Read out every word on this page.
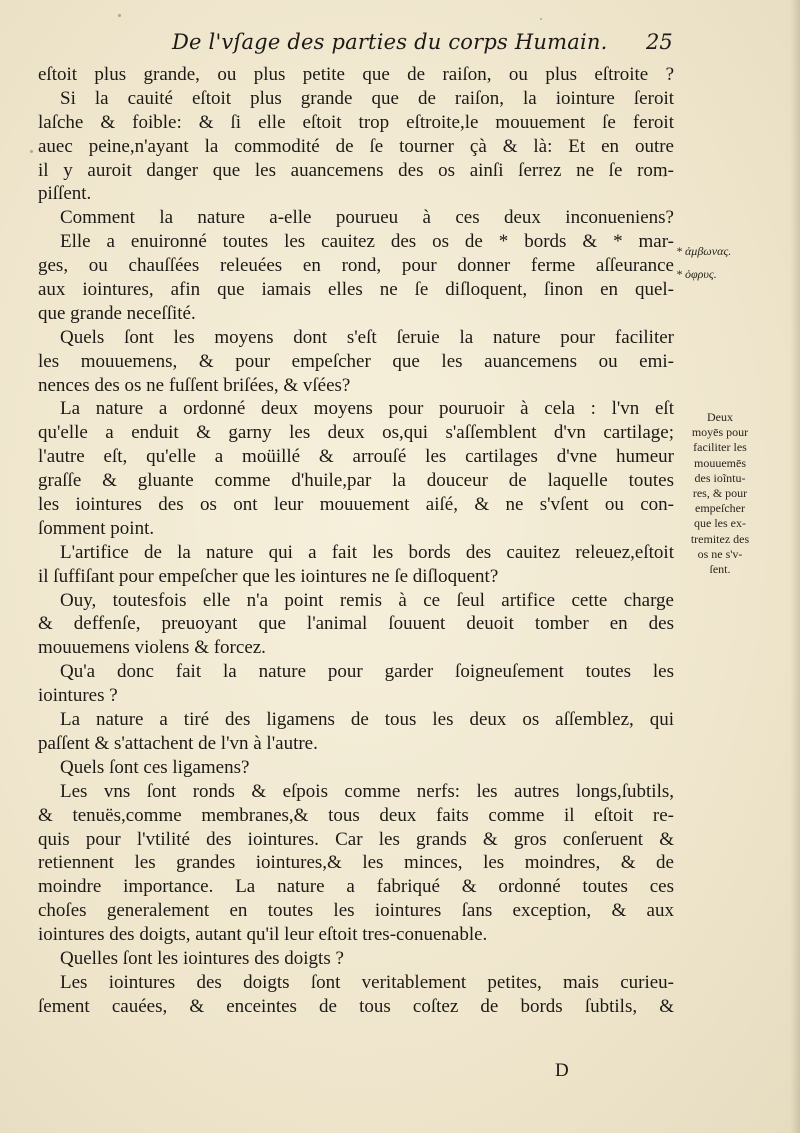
De l'vſage des parties du corps Humain.	25
eſtoit plus grande, ou plus petite que de raiſon, ou plus eſtroite ?
Si la cauité eſtoit plus grande que de raiſon, la iointure ſeroit
laſche & foible: & ſi elle eſtoit trop eſtroite,le mouuement ſe feroit
auec peine,n'ayant la commodité de ſe tourner çà & là: Et en outre
il y auroit danger que les auancemens des os ainſi ſerrez ne ſe rom-
piſſent.
Comment la nature a-elle pourueu à ces deux inconueniens?
Elle a enuironné toutes les cauitez des os de * bords & * mar-
ges, ou chauſſées releuées en rond, pour donner ferme aſſeurance
aux iointures, afin que iamais elles ne ſe diſloquent, ſinon en quel-
que grande neceſſité.
Quels ſont les moyens dont s'eſt ſeruie la nature pour faciliter
les mouuemens, & pour empeſcher que les auancemens ou emi-
nences des os ne fuſſent briſées, & vſées?
La nature a ordonné deux moyens pour pouruoir à cela : l'vn eſt
qu'elle a enduit & garny les deux os,qui s'aſſemblent d'vn cartilage;
l'autre eſt, qu'elle a moüillé & arrouſé les cartilages d'vne humeur
graſſe & gluante comme d'huile,par la douceur de laquelle toutes
les iointures des os ont leur mouuement aiſé, & ne s'vſent ou con-
ſomment point.
L'artifice de la nature qui a fait les bords des cauitez releuez,eſtoit
il ſuffiſant pour empeſcher que les iointures ne ſe diſloquent?
Ouy, toutesfois elle n'a point remis à ce ſeul artifice cette charge
& deffenſe, preuoyant que l'animal ſouuent deuoit tomber en des
mouuemens violens & forcez.
Qu'a donc fait la nature pour garder ſoigneuſement toutes les
iointures ?
La nature a tiré des ligamens de tous les deux os aſſemblez, qui
paſſent & s'attachent de l'vn à l'autre.
Quels ſont ces ligamens?
Les vns ſont ronds & eſpois comme nerfs: les autres longs,ſubtils,
& tenuës,comme membranes,& tous deux faits comme il eſtoit re-
quis pour l'vtilité des iointures. Car les grands & gros conſeruent &
retiennent les grandes iointures,& les minces, les moindres, & de
moindre importance. La nature a fabriqué & ordonné toutes ces
choſes generalement en toutes les iointures ſans exception, & aux
iointures des doigts, autant qu'il leur eſtoit tres-conuenable.
Quelles ſont les iointures des doigts ?
Les iointures des doigts ſont veritablement petites, mais curieu-
ſement cauées, & enceintes de tous coſtez de bords ſubtils, &
* ἀμβωνας.
* ὀφρυς.
Deux
moyēs pour
faciliter les
mouuemēs
des ioĩntu-
res, & pour
empeſcher
que les ex-
tremitez des
os ne s'v-
ſent.
D
